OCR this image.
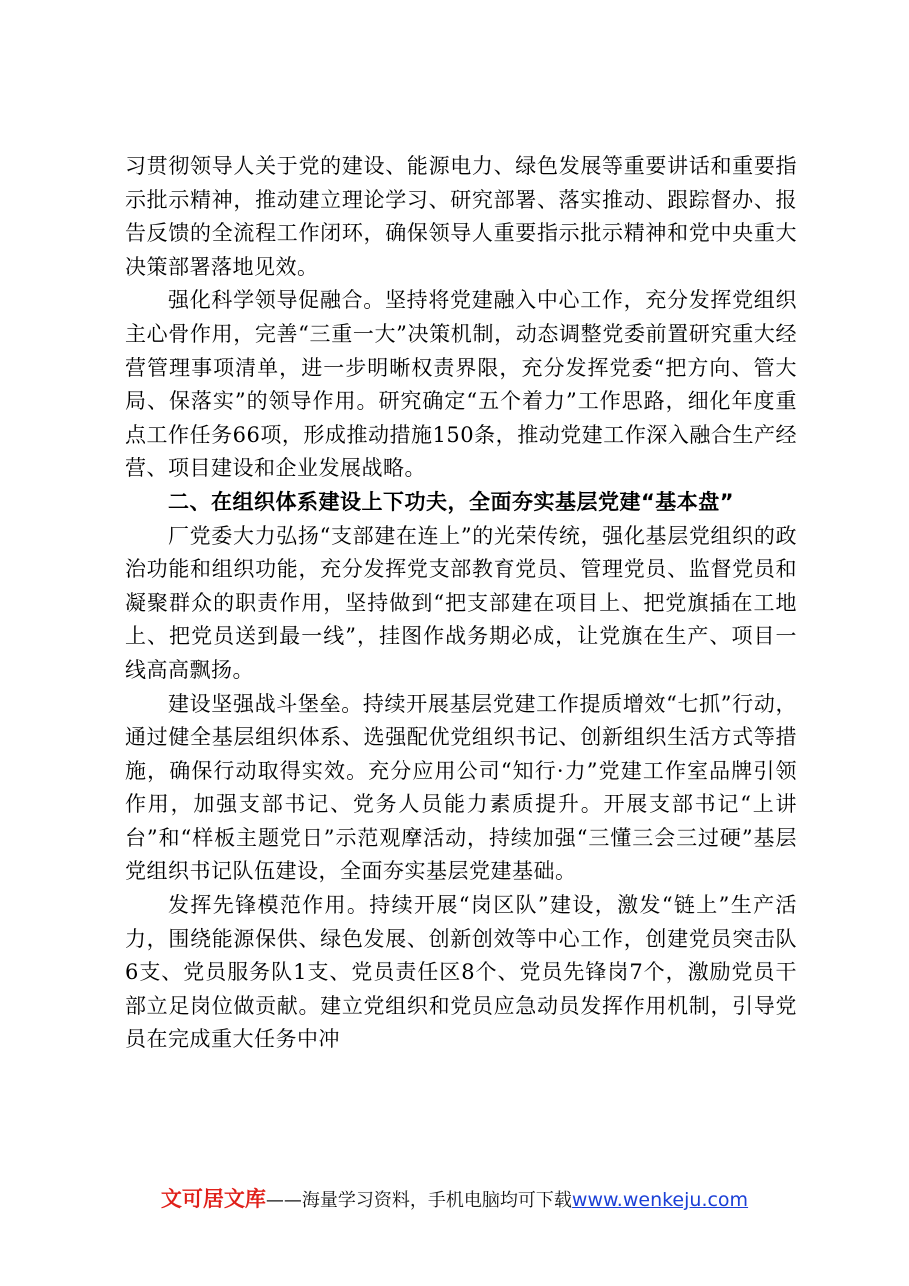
习贯彻领导人关于党的建设、能源电力、绿色发展等重要讲话和重要指示批示精神，推动建立理论学习、研究部署、落实推动、跟踪督办、报告反馈的全流程工作闭环，确保领导人重要指示批示精神和党中央重大决策部署落地见效。

强化科学领导促融合。坚持将党建融入中心工作，充分发挥党组织主心骨作用，完善“三重一大”决策机制，动态调整党委前置研究重大经营管理事项清单，进一步明晰权责界限，充分发挥党委“把方向、管大局、保落实”的领导作用。研究确定“五个着力”工作思路，细化年度重点工作任务66项，形成推动措施150条，推动党建工作深入融合生产经营、项目建设和企业发展战略。

二、在组织体系建设上下功夫，全面夯实基层党建“基本盘”

厂党委大力弘扬“支部建在连上”的光荣传统，强化基层党组织的政治功能和组织功能，充分发挥党支部教育党员、管理党员、监督党员和凝聚群众的职责作用，坚持做到“把支部建在项目上、把党旗插在工地上、把党员送到最一线”，挂图作战务期必成，让党旗在生产、项目一线高高飘扬。

建设坚强战斗堡垒。持续开展基层党建工作提质增效“七抓”行动，通过健全基层组织体系、选强配优党组织书记、创新组织生活方式等措施，确保行动取得实效。充分应用公司“知行·力”党建工作室品牌引领作用，加强支部书记、党务人员能力素质提升。开展支部书记“上讲台”和“样板主题党日”示范观摩活动，持续加强“三懂三会三过硬”基层党组织书记队伍建设，全面夯实基层党建基础。

发挥先锋模范作用。持续开展“岗区队”建设，激发“链上”生产活力，围绕能源保供、绿色发展、创新创效等中心工作，创建党员突击队6支、党员服务队1支、党员责任区8个、党员先锋岗7个，激励党员干部立足岗位做贡献。建立党组织和党员应急动员发挥作用机制，引导党员在完成重大任务中冲

文可居文库——海量学习资料，手机电脑均可下载www.wenkeju.com
